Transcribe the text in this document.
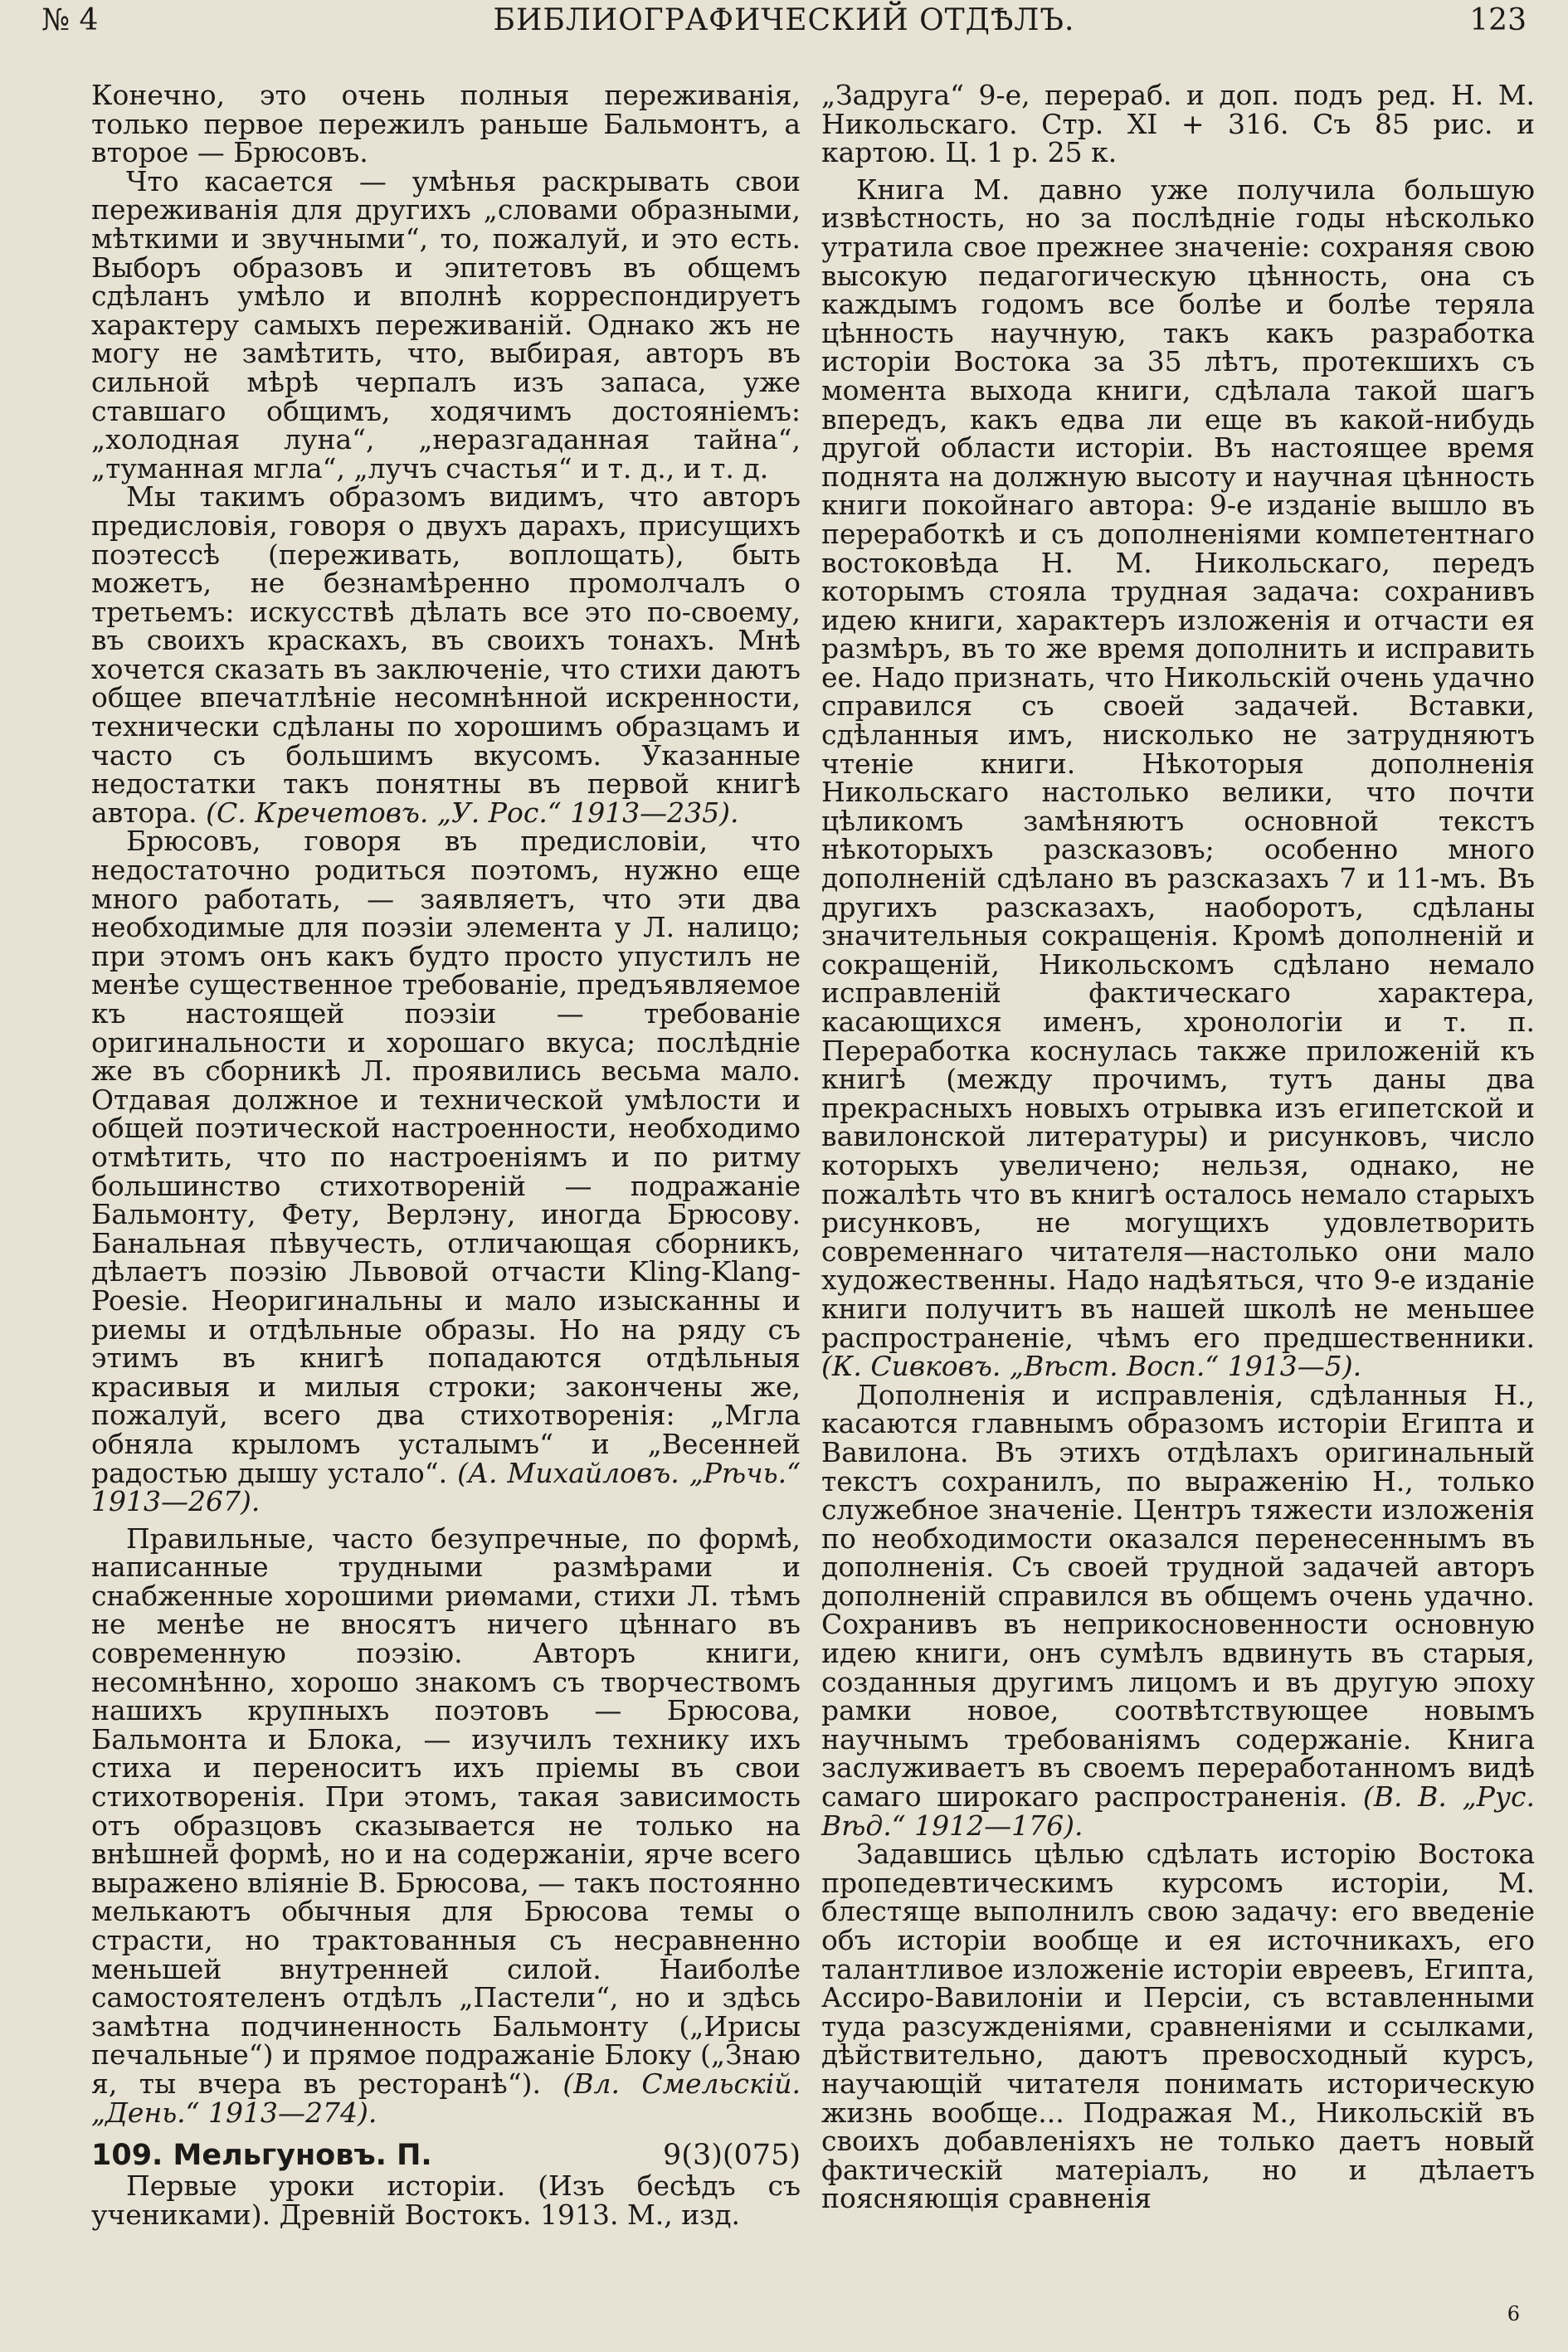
№ 4	БИБЛИОГРАФИЧЕСКИЙ ОТДѢЛЪ.	123

Конечно, это очень полныя переживанія, только первое пережилъ раньше Бальмонтъ, а второе — Брюсовъ.

Что касается — умѣнья раскрывать свои переживанія для другихъ „словами образными, мѣткими и звучными“, то, пожалуй, и это есть. Выборъ образовъ и эпитетовъ въ общемъ сдѣланъ умѣло и вполнѣ корреспондируетъ характеру самыхъ переживаній. Однако жъ не могу не замѣтить, что, выбирая, авторъ въ сильной мѣрѣ черпалъ изъ запаса, уже ставшаго общимъ, ходячимъ достояніемъ: „холодная луна“, „неразгаданная тайна“, „туманная мгла“, „лучъ счастья“ и т. д., и т. д.

Мы такимъ образомъ видимъ, что авторъ предисловія, говоря о двухъ дарахъ, присущихъ поэтессѣ (переживать, воплощать), быть можетъ, не безнамѣренно промолчалъ о третьемъ: искусствѣ дѣлать все это по-своему, въ своихъ краскахъ, въ своихъ тонахъ. Мнѣ хочется сказать въ заключеніе, что стихи даютъ общее впечатлѣніе несомнѣнной искренности, технически сдѣланы по хорошимъ образцамъ и часто съ большимъ вкусомъ. Указанные недостатки такъ понятны въ первой книгѣ автора. (С. Кречетовъ. „У. Рос.“ 1913—235).

Брюсовъ, говоря въ предисловіи, что недостаточно родиться поэтомъ, нужно еще много работать, — заявляетъ, что эти два необходимые для поэзіи элемента у Л. налицо; при этомъ онъ какъ будто просто упустилъ не менѣе существенное требованіе, предъявляемое къ настоящей поэзіи — требованіе оригинальности и хорошаго вкуса; послѣдніе же въ сборникѣ Л. проявились весьма мало. Отдавая должное и технической умѣлости и общей поэтической настроенности, необходимо отмѣтить, что по настроеніямъ и по ритму большинство стихотвореній — подражаніе Бальмонту, Фету, Верлэну, иногда Брюсову. Банальная пѣвучесть, отличающая сборникъ, дѣлаетъ поэзію Львовой отчасти Kling-Klang-Poesie. Неоригинальны и мало изысканны и риемы и отдѣльные образы. Но на ряду съ этимъ въ книгѣ попадаются отдѣльныя красивыя и милыя строки; закончены же, пожалуй, всего два стихотворенія: „Мгла обняла крыломъ усталымъ“ и „Весенней радостью дышу устало“. (А. Михайловъ. „Рѣчь.“ 1913—267).

Правильные, часто безупречные, по формѣ, написанные трудными размѣрами и снабженные хорошими риѳмами, стихи Л. тѣмъ не менѣе не вносятъ ничего цѣннаго въ современную поэзію. Авторъ книги, несомнѣнно, хорошо знакомъ съ творчествомъ нашихъ крупныхъ поэтовъ — Брюсова, Бальмонта и Блока, — изучилъ технику ихъ стиха и переноситъ ихъ пріемы въ свои стихотворенія. При этомъ, такая зависимость отъ образцовъ сказывается не только на внѣшней формѣ, но и на содержаніи, ярче всего выражено вліяніе В. Брюсова, — такъ постоянно мелькаютъ обычныя для Брюсова темы о страсти, но трактованныя съ несравненно меньшей внутренней силой. Наиболѣе самостоятеленъ отдѣлъ „Пастели“, но и здѣсь замѣтна подчиненность Бальмонту („Ирисы печальные“) и прямое подражаніе Блоку („Знаю я, ты вчера въ ресторанѣ“). (Вл. Смельскій. „День.“ 1913—274).

109. Мельгуновъ. П.	9(3)(075)

Первые уроки исторіи. (Изъ бесѣдъ съ учениками). Древній Востокъ. 1913. М., изд.

„Задруга“ 9-е, перераб. и доп. подъ ред. Н. М. Никольскаго. Стр. XI + 316. Съ 85 рис. и картою. Ц. 1 р. 25 к.

Книга М. давно уже получила большую извѣстность, но за послѣдніе годы нѣсколько утратила свое прежнее значеніе: сохраняя свою высокую педагогическую цѣнность, она съ каждымъ годомъ все болѣе и болѣе теряла цѣнность научную, такъ какъ разработка исторіи Востока за 35 лѣтъ, протекшихъ съ момента выхода книги, сдѣлала такой шагъ впередъ, какъ едва ли еще въ какой-нибудь другой области исторіи. Въ настоящее время поднята на должную высоту и научная цѣнность книги покойнаго автора: 9-е изданіе вышло въ переработкѣ и съ дополненіями компетентнаго востоковѣда Н. М. Никольскаго, передъ которымъ стояла трудная задача: сохранивъ идею книги, характеръ изложенія и отчасти ея размѣръ, въ то же время дополнить и исправить ее. Надо признать, что Никольскій очень удачно справился съ своей задачей. Вставки, сдѣланныя имъ, нисколько не затрудняютъ чтеніе книги. Нѣкоторыя дополненія Никольскаго настолько велики, что почти цѣликомъ замѣняютъ основной текстъ нѣкоторыхъ разсказовъ; особенно много дополненій сдѣлано въ разсказахъ 7 и 11-мъ. Въ другихъ разсказахъ, наоборотъ, сдѣланы значительныя сокращенія. Кромѣ дополненій и сокращеній, Никольскомъ сдѣлано немало исправленій фактическаго характера, касающихся именъ, хронологіи и т. п. Переработка коснулась также приложеній къ книгѣ (между прочимъ, тутъ даны два прекрасныхъ новыхъ отрывка изъ египетской и вавилонской литературы) и рисунковъ, число которыхъ увеличено; нельзя, однако, не пожалѣть что въ книгѣ осталось немало старыхъ рисунковъ, не могущихъ удовлетворить современнаго читателя—настолько они мало художественны. Надо надѣяться, что 9-е изданіе книги получитъ въ нашей школѣ не меньшее распространеніе, чѣмъ его предшественники. (К. Сивковъ. „Вѣст. Восп.“ 1913—5).

Дополненія и исправленія, сдѣланныя Н., касаются главнымъ образомъ исторіи Египта и Вавилона. Въ этихъ отдѣлахъ оригинальный текстъ сохранилъ, по выраженію Н., только служебное значеніе. Центръ тяжести изложенія по необходимости оказался перенесеннымъ въ дополненія. Съ своей трудной задачей авторъ дополненій справился въ общемъ очень удачно. Сохранивъ въ неприкосновенности основную идею книги, онъ сумѣлъ вдвинуть въ старыя, созданныя другимъ лицомъ и въ другую эпоху рамки новое, соотвѣтствующее новымъ научнымъ требованіямъ содержаніе. Книга заслуживаетъ въ своемъ переработанномъ видѣ самаго широкаго распространенія. (В. В. „Рус. Вѣд.“ 1912—176).

Задавшись цѣлью сдѣлать исторію Востока пропедевтическимъ курсомъ исторіи, М. блестяще выполнилъ свою задачу: его введеніе объ исторіи вообще и ея источникахъ, его талантливое изложеніе исторіи евреевъ, Египта, Ассиро-Вавилоніи и Персіи, съ вставленными туда разсужденіями, сравненіями и ссылками, дѣйствительно, даютъ превосходный курсъ, научающій читателя понимать историческую жизнь вообще... Подражая М., Никольскій въ своихъ добавленіяхъ не только даетъ новый фактическій матеріалъ, но и дѣлаетъ поясняющія сравненія

6
